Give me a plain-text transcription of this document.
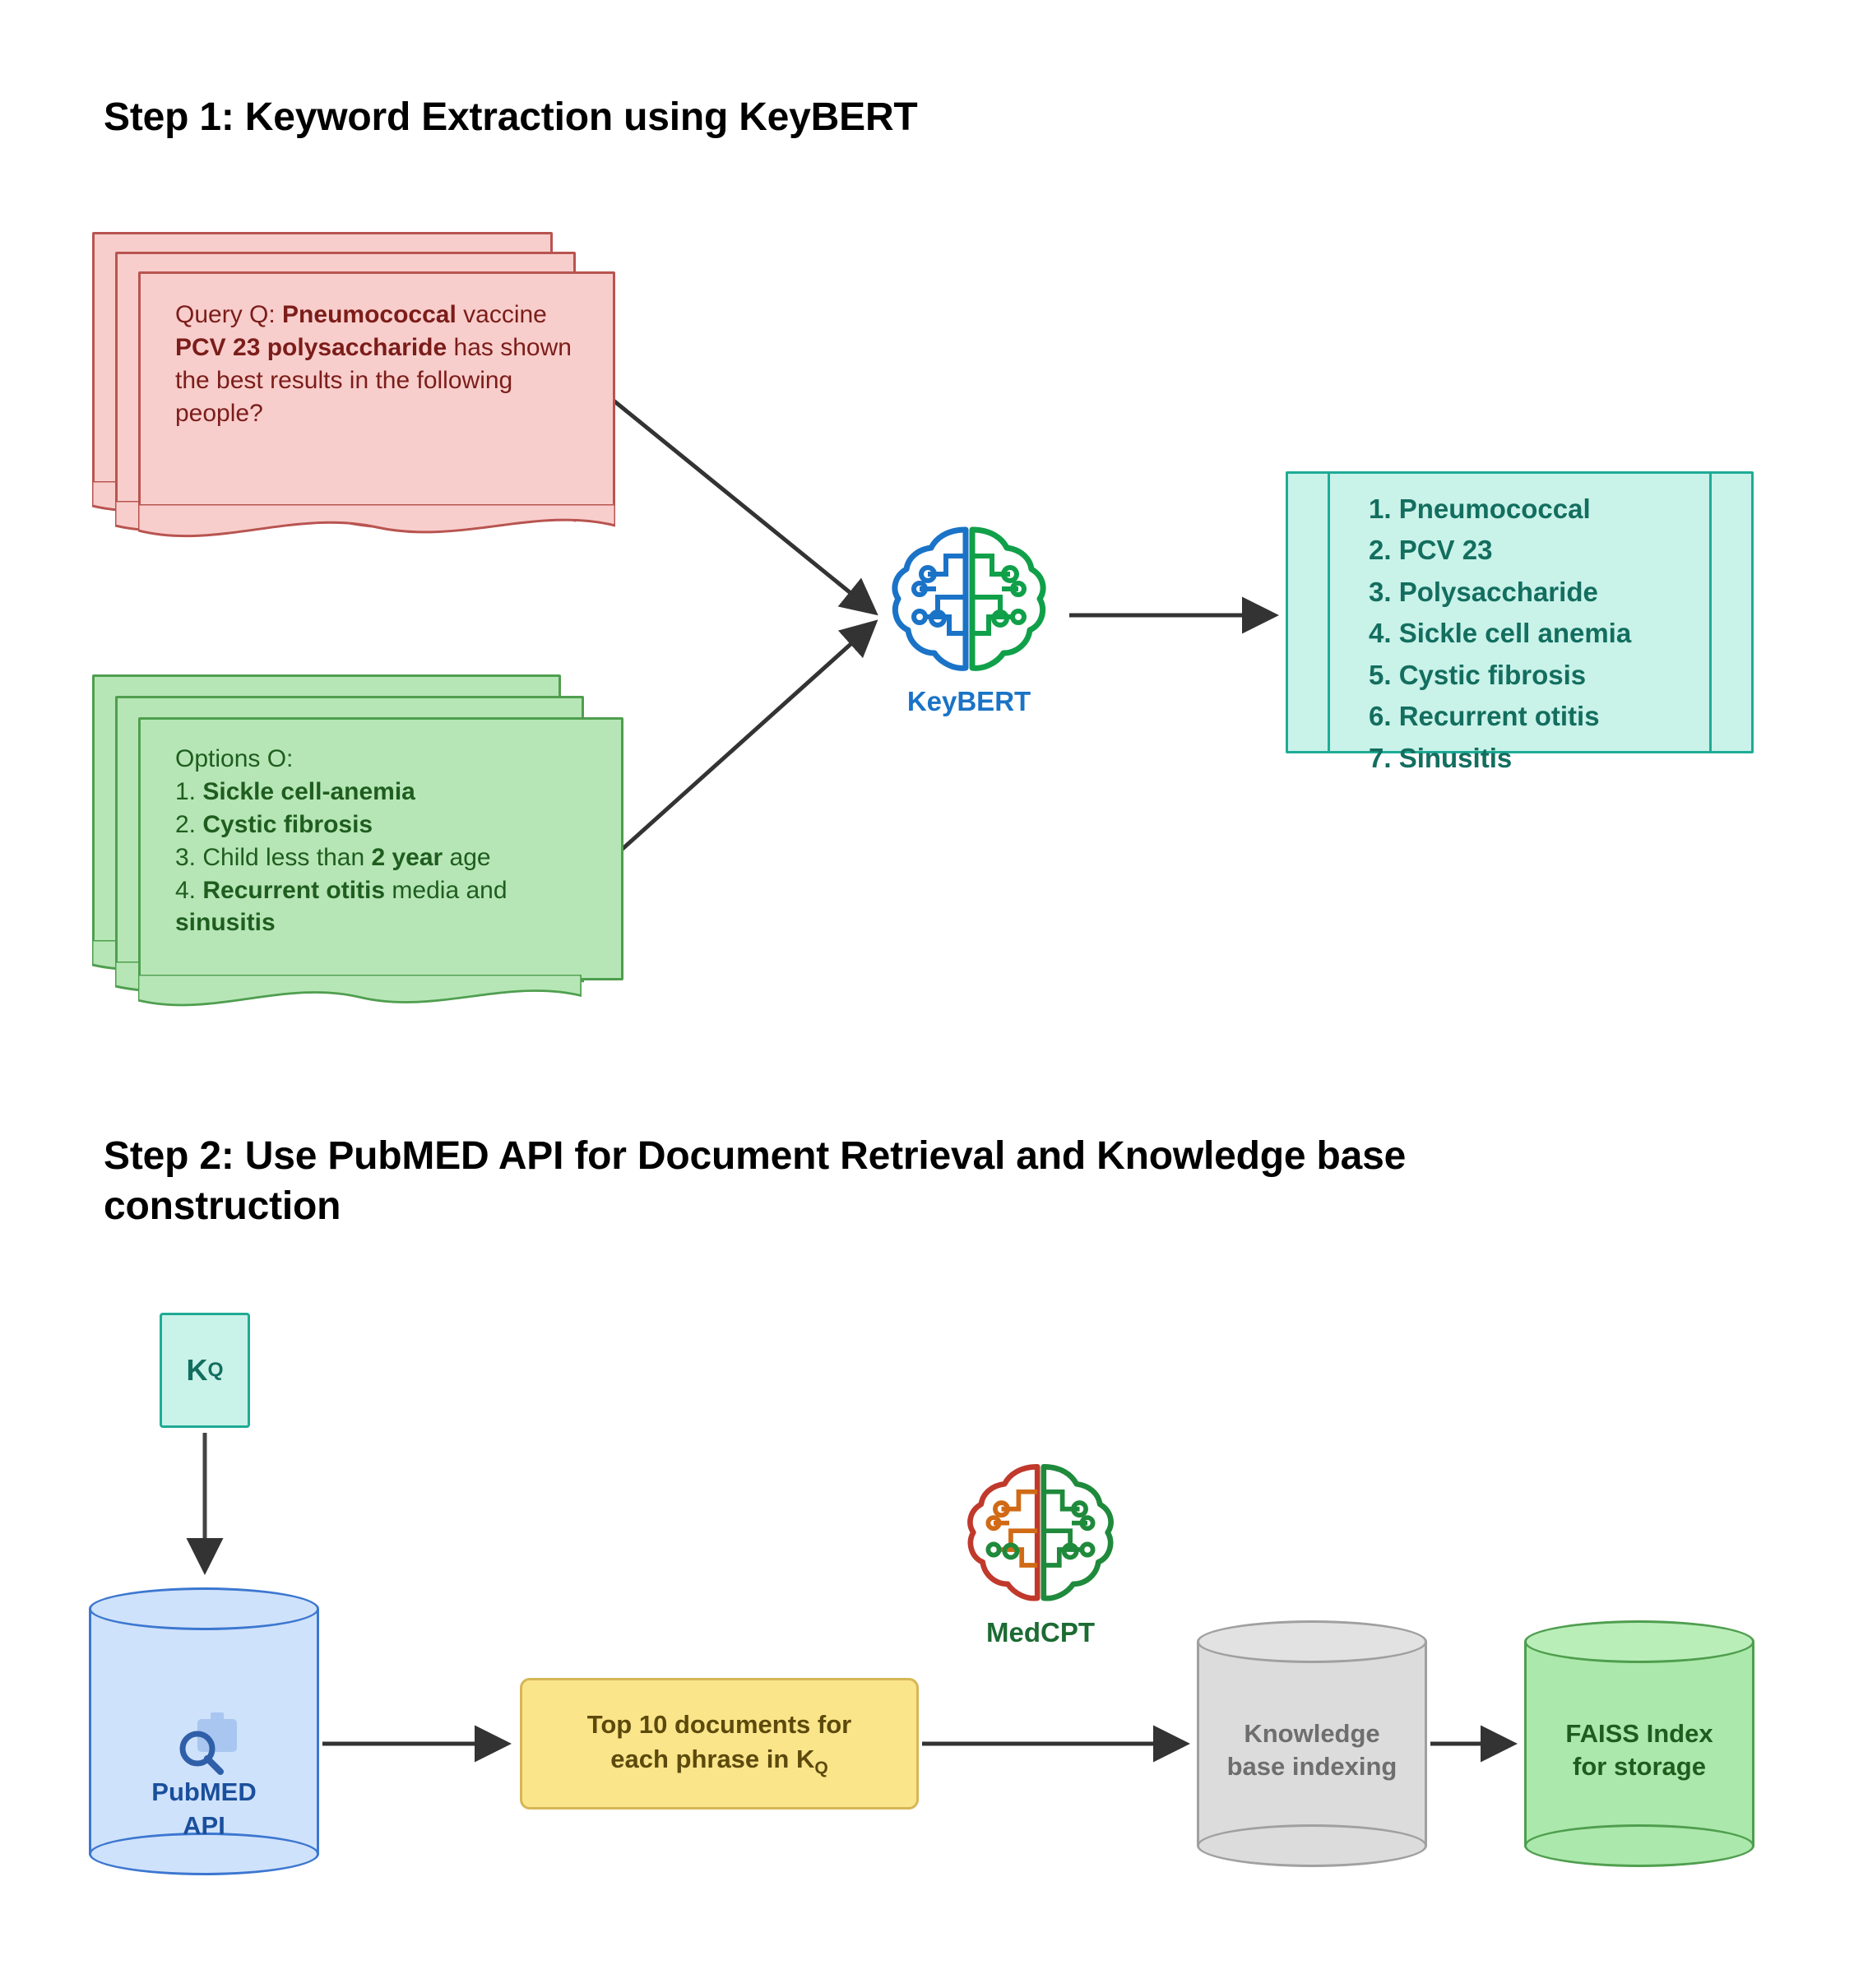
Step 1: Keyword Extraction using KeyBERT
Step 2: Use PubMED API for Document Retrieval and Knowledge base construction
Query Q: Pneumococcal vaccine PCV 23 polysaccharide has shown the best results in the following people?
Options O:
1. Sickle cell-anemia
2. Cystic fibrosis
3. Child less than 2 year age
4. Recurrent otitis media and sinusitis
KeyBERT
1. Pneumococcal
2. PCV 23
3. Polysaccharide
4. Sickle cell anemia
5. Cystic fibrosis
6. Recurrent otitis
7. Sinusitis
K Q
PubMED
API
Top 10 documents for
each phrase in $K_Q$
MedCPT
Knowledge
base indexing
FAISS Index
for storage
